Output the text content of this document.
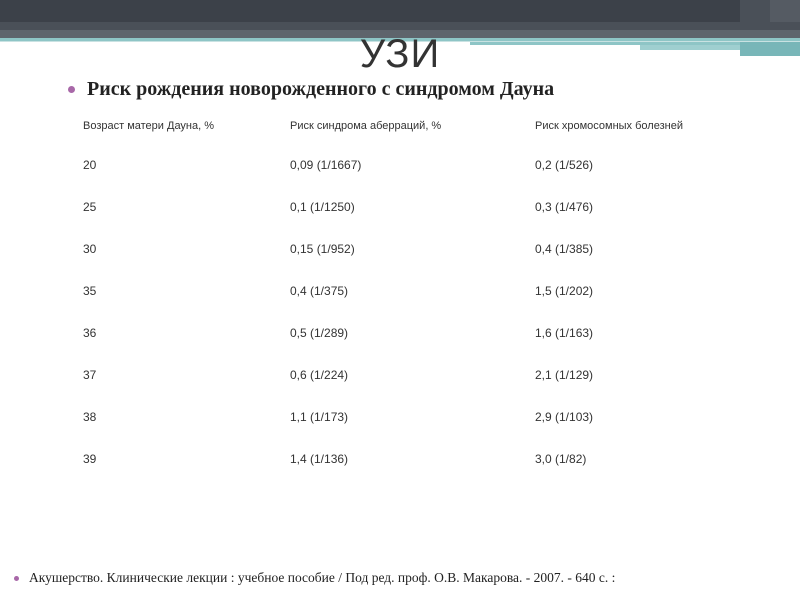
УЗИ
Риск рождения новорожденного с синдромом Дауна
Возраст матери Дауна, %	Риск синдрома аберраций, %	Риск хромосомных болезней
20	0,09 (1/1667)	0,2 (1/526)
25	0,1 (1/1250)	0,3 (1/476)
30	0,15 (1/952)	0,4 (1/385)
35	0,4 (1/375)	1,5 (1/202)
36	0,5 (1/289)	1,6 (1/163)
37	0,6 (1/224)	2,1 (1/129)
38	1,1 (1/173)	2,9 (1/103)
39	1,4 (1/136)	3,0 (1/82)
Акушерство. Клинические лекции : учебное пособие / Под ред. проф. О.В. Макарова. - 2007. - 640 с. :
